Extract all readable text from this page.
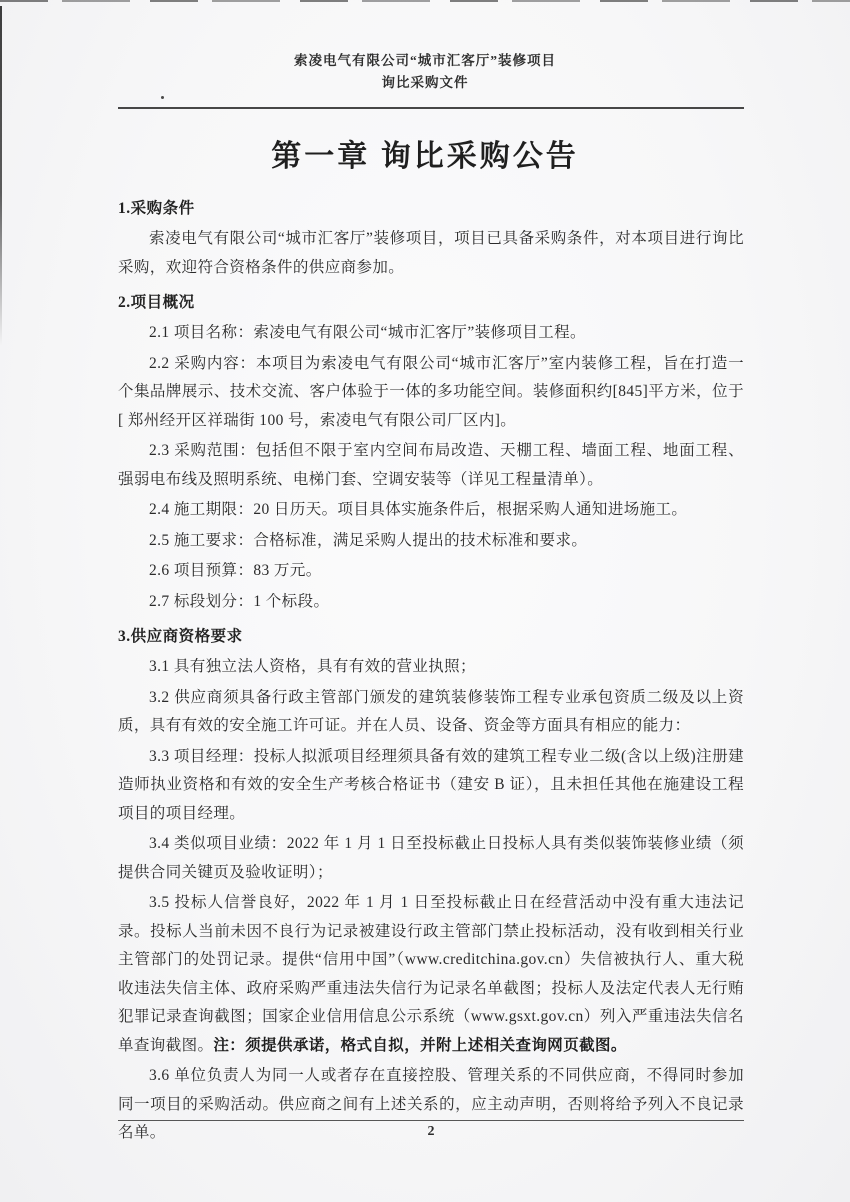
索凌电气有限公司“城市汇客厅”装修项目
询比采购文件
第一章 询比采购公告
1.采购条件

索凌电气有限公司“城市汇客厅”装修项目，项目已具备采购条件，对本项目进行询比采购，欢迎符合资格条件的供应商参加。

2.项目概况

2.1 项目名称：索凌电气有限公司“城市汇客厅”装修项目工程。

2.2 采购内容：本项目为索凌电气有限公司“城市汇客厅”室内装修工程，旨在打造一个集品牌展示、技术交流、客户体验于一体的多功能空间。装修面积约[845]平方米，位于[ 郑州经开区祥瑞街 100 号，索凌电气有限公司厂区内]。

2.3 采购范围：包括但不限于室内空间布局改造、天棚工程、墙面工程、地面工程、强弱电布线及照明系统、电梯门套、空调安装等（详见工程量清单）。

2.4 施工期限：20 日历天。项目具体实施条件后，根据采购人通知进场施工。

2.5 施工要求：合格标准，满足采购人提出的技术标准和要求。

2.6 项目预算：83 万元。

2.7 标段划分：1 个标段。

3.供应商资格要求

3.1 具有独立法人资格，具有有效的营业执照；

3.2 供应商须具备行政主管部门颁发的建筑装修装饰工程专业承包资质二级及以上资质，具有有效的安全施工许可证。并在人员、设备、资金等方面具有相应的能力：

3.3 项目经理：投标人拟派项目经理须具备有效的建筑工程专业二级(含以上级)注册建造师执业资格和有效的安全生产考核合格证书（建安 B 证），且未担任其他在施建设工程项目的项目经理。

3.4 类似项目业绩：2022 年 1 月 1 日至投标截止日投标人具有类似装饰装修业绩（须提供合同关键页及验收证明）；

3.5 投标人信誉良好，2022 年 1 月 1 日至投标截止日在经营活动中没有重大违法记录。投标人当前未因不良行为记录被建设行政主管部门禁止投标活动，没有收到相关行业主管部门的处罚记录。提供“信用中国”（www.creditchina.gov.cn）失信被执行人、重大税收违法失信主体、政府采购严重违法失信行为记录名单截图；投标人及法定代表人无行贿犯罪记录查询截图；国家企业信用信息公示系统（www.gsxt.gov.cn）列入严重违法失信名单查询截图。注：须提供承诺，格式自拟，并附上述相关查询网页截图。

3.6 单位负责人为同一人或者存在直接控股、管理关系的不同供应商，不得同时参加同一项目的采购活动。供应商之间有上述关系的，应主动声明，否则将给予列入不良记录名单。	2
